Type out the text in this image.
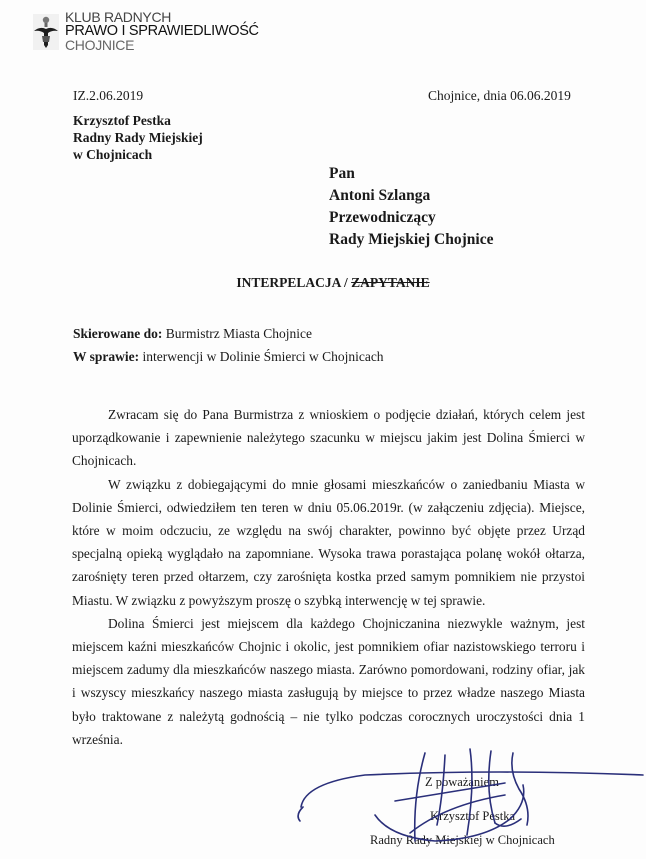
KLUB RADNYCH
PRAWO I SPRAWIEDLIWOŚĆ
CHOJNICE
IZ.2.06.2019	Chojnice, dnia 06.06.2019
Krzysztof Pestka
Radny Rady Miejskiej
w Chojnicach
Pan
Antoni Szlanga
Przewodniczący
Rady Miejskiej Chojnice
INTERPELACJA / ZAPYTANIE
Skierowane do: Burmistrz Miasta Chojnice
W sprawie: interwencji w Dolinie Śmierci w Chojnicach

Zwracam się do Pana Burmistrza z wnioskiem o podjęcie działań, których celem jest uporządkowanie i zapewnienie należytego szacunku w miejscu jakim jest Dolina Śmierci w Chojnicach.

W związku z dobiegającymi do mnie głosami mieszkańców o zaniedbaniu Miasta w Dolinie Śmierci, odwiedziłem ten teren w dniu 05.06.2019r. (w załączeniu zdjęcia). Miejsce, które w moim odczuciu, ze względu na swój charakter, powinno być objęte przez Urząd specjalną opieką wyglądało na zapomniane. Wysoka trawa porastająca polanę wokół ołtarza, zarośnięty teren przed ołtarzem, czy zarośnięta kostka przed samym pomnikiem nie przystoi Miastu. W związku z powyższym proszę o szybką interwencję w tej sprawie.

Dolina Śmierci jest miejscem dla każdego Chojniczanina niezwykle ważnym, jest miejscem kaźni mieszkańców Chojnic i okolic, jest pomnikiem ofiar nazistowskiego terroru i miejscem zadumy dla mieszkańców naszego miasta. Zarówno pomordowani, rodziny ofiar, jak i wszyscy mieszkańcy naszego miasta zasługują by miejsce to przez władze naszego Miasta było traktowane z należytą godnością – nie tylko podczas corocznych uroczystości dnia 1 września.

Z poważaniem
Krzysztof Pestka
Radny Rady Miejskiej w Chojnicach
